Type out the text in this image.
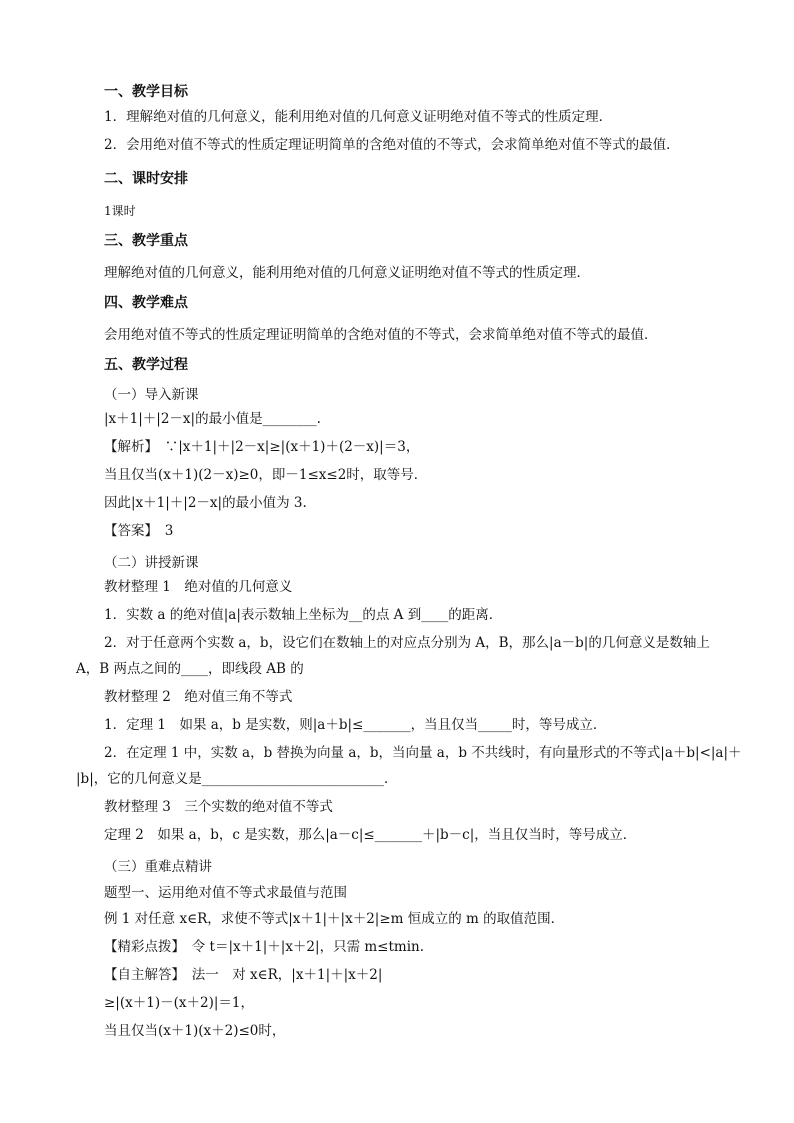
一、教学目标
1．理解绝对值的几何意义，能利用绝对值的几何意义证明绝对值不等式的性质定理．
2．会用绝对值不等式的性质定理证明简单的含绝对值的不等式，会求简单绝对值不等式的最值．
二、课时安排
1课时
三、教学重点
理解绝对值的几何意义，能利用绝对值的几何意义证明绝对值不等式的性质定理．
四、教学难点
会用绝对值不等式的性质定理证明简单的含绝对值的不等式，会求简单绝对值不等式的最值．
五、教学过程
（一）导入新课
|x＋1|＋|2－x|的最小值是________.
【解析】　∵|x＋1|＋|2－x|≥|(x＋1)＋(2－x)|＝3，
当且仅当(x＋1)(2－x)≥0，即－1≤x≤2时，取等号．
因此|x＋1|＋|2－x|的最小值为 3.
【答案】　3
（二）讲授新课
教材整理 1　绝对值的几何意义
1．实数 a 的绝对值|a|表示数轴上坐标为__的点 A 到____的距离．
2．对于任意两个实数 a，b，设它们在数轴上的对应点分别为 A，B，那么|a－b|的几何意义是数轴上
A，B 两点之间的____，即线段 AB 的
教材整理 2　绝对值三角不等式
1．定理 1　如果 a，b 是实数，则|a＋b|≤_______，当且仅当_____时，等号成立．
2．在定理 1 中，实数 a，b 替换为向量 a，b，当向量 a，b 不共线时，有向量形式的不等式|a＋b|<|a|＋
|b|，它的几何意义是___________________________．
教材整理 3　三个实数的绝对值不等式
定理 2　如果 a，b，c 是实数，那么|a－c|≤_______＋|b－c|，当且仅当时，等号成立．
（三）重难点精讲
题型一、运用绝对值不等式求最值与范围
例 1 对任意 x∈R，求使不等式|x＋1|＋|x＋2|≥m 恒成立的 m 的取值范围．
【精彩点拨】　令 t＝|x＋1|＋|x＋2|，只需 m≤tmin.
【自主解答】　法一　对 x∈R，|x＋1|＋|x＋2|
≥|(x＋1)－(x＋2)|＝1，
当且仅当(x＋1)(x＋2)≤0时，
